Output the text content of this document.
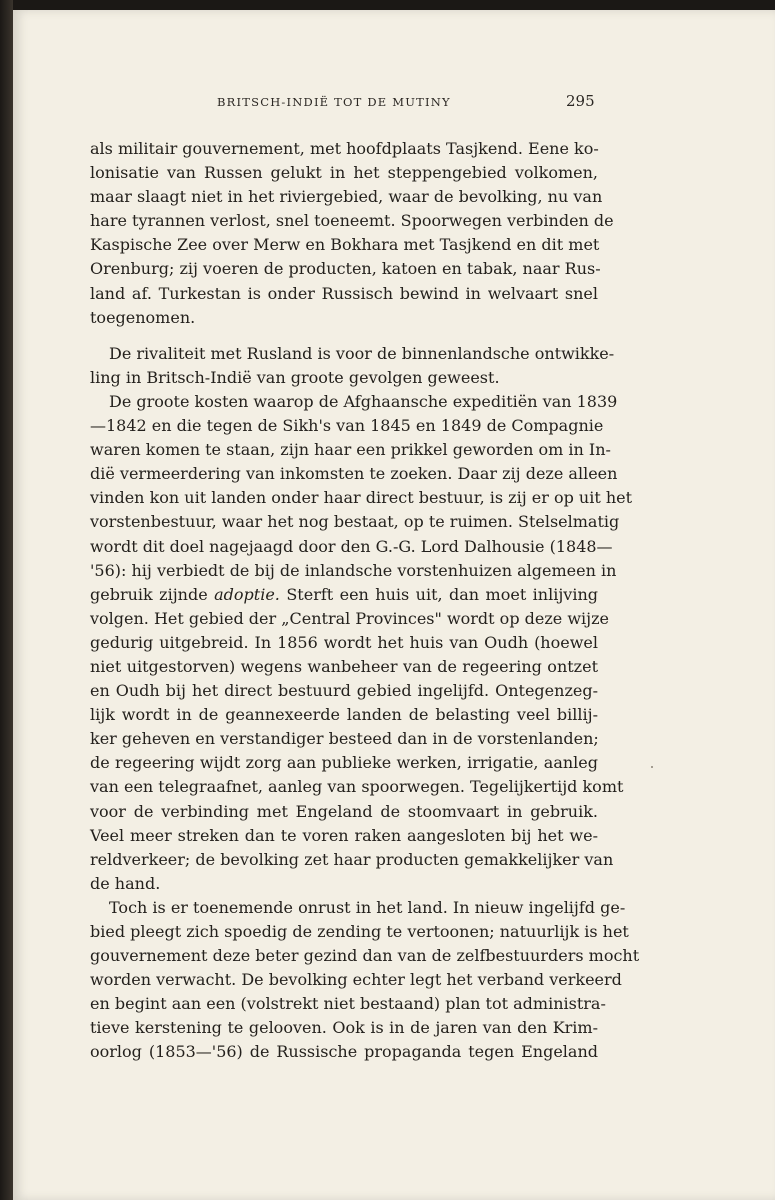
BRITSCH-INDIË TOT DE MUTINY	295
als militair gouvernement, met hoofdplaats Tasjkend. Eene ko-
lonisatie van Russen gelukt in het steppengebied volkomen,
maar slaagt niet in het riviergebied, waar de bevolking, nu van
hare tyrannen verlost, snel toeneemt. Spoorwegen verbinden de
Kaspische Zee over Merw en Bokhara met Tasjkend en dit met
Orenburg; zij voeren de producten, katoen en tabak, naar Rus-
land af. Turkestan is onder Russisch bewind in welvaart snel
toegenomen.
De rivaliteit met Rusland is voor de binnenlandsche ontwikke-
ling in Britsch-Indië van groote gevolgen geweest.
De groote kosten waarop de Afghaansche expeditiën van 1839
—1842 en die tegen de Sikh's van 1845 en 1849 de Compagnie
waren komen te staan, zijn haar een prikkel geworden om in In-
dië vermeerdering van inkomsten te zoeken. Daar zij deze alleen
vinden kon uit landen onder haar direct bestuur, is zij er op uit het
vorstenbestuur, waar het nog bestaat, op te ruimen. Stelselmatig
wordt dit doel nagejaagd door den G.-G. Lord Dalhousie (1848—
'56): hij verbiedt de bij de inlandsche vorstenhuizen algemeen in
gebruik zijnde adoptie. Sterft een huis uit, dan moet inlijving
volgen. Het gebied der „Central Provinces" wordt op deze wijze
gedurig uitgebreid. In 1856 wordt het huis van Oudh (hoewel
niet uitgestorven) wegens wanbeheer van de regeering ontzet
en Oudh bij het direct bestuurd gebied ingelijfd. Ontegenzeg-
lijk wordt in de geannexeerde landen de belasting veel billij-
ker geheven en verstandiger besteed dan in de vorstenlanden;
de regeering wijdt zorg aan publieke werken, irrigatie, aanleg
van een telegraafnet, aanleg van spoorwegen. Tegelijkertijd komt
voor de verbinding met Engeland de stoomvaart in gebruik.
Veel meer streken dan te voren raken aangesloten bij het we-
reldverkeer; de bevolking zet haar producten gemakkelijker van
de hand.
Toch is er toenemende onrust in het land. In nieuw ingelijfd ge-
bied pleegt zich spoedig de zending te vertoonen; natuurlijk is het
gouvernement deze beter gezind dan van de zelfbestuurders mocht
worden verwacht. De bevolking echter legt het verband verkeerd
en begint aan een (volstrekt niet bestaand) plan tot administra-
tieve kerstening te gelooven. Ook is in de jaren van den Krim-
oorlog (1853—'56) de Russische propaganda tegen Engeland
